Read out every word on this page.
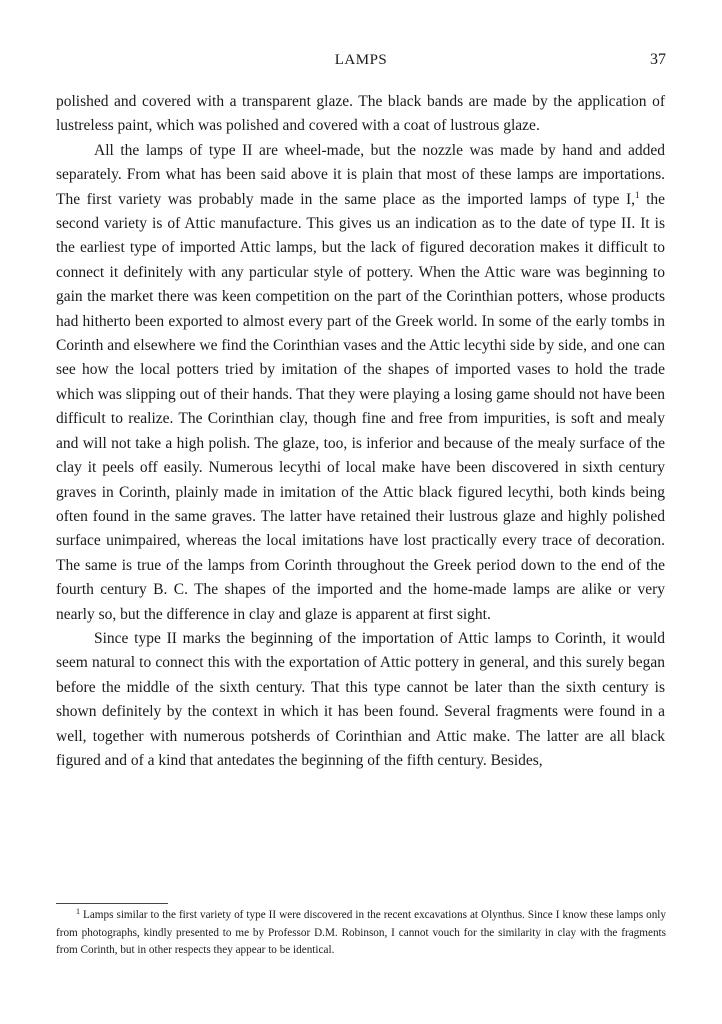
LAMPS	37

polished and covered with a transparent glaze. The black bands are made by the application of lustreless paint, which was polished and covered with a coat of lustrous glaze.

All the lamps of type II are wheel-made, but the nozzle was made by hand and added separately. From what has been said above it is plain that most of these lamps are importations. The first variety was probably made in the same place as the imported lamps of type I,$^1$ the second variety is of Attic manufacture. This gives us an indication as to the date of type II. It is the earliest type of imported Attic lamps, but the lack of figured decoration makes it difficult to connect it definitely with any particular style of pottery. When the Attic ware was beginning to gain the market there was keen competition on the part of the Corinthian potters, whose products had hitherto been exported to almost every part of the Greek world. In some of the early tombs in Corinth and elsewhere we find the Corinthian vases and the Attic lecythi side by side, and one can see how the local potters tried by imitation of the shapes of imported vases to hold the trade which was slipping out of their hands. That they were playing a losing game should not have been difficult to realize. The Corinthian clay, though fine and free from impurities, is soft and mealy and will not take a high polish. The glaze, too, is inferior and because of the mealy surface of the clay it peels off easily. Numerous lecythi of local make have been discovered in sixth century graves in Corinth, plainly made in imitation of the Attic black figured lecythi, both kinds being often found in the same graves. The latter have retained their lustrous glaze and highly polished surface unimpaired, whereas the local imitations have lost practically every trace of decoration. The same is true of the lamps from Corinth throughout the Greek period down to the end of the fourth century B. C. The shapes of the imported and the home-made lamps are alike or very nearly so, but the difference in clay and glaze is apparent at first sight.

Since type II marks the beginning of the importation of Attic lamps to Corinth, it would seem natural to connect this with the exportation of Attic pottery in general, and this surely began before the middle of the sixth century. That this type cannot be later than the sixth century is shown definitely by the context in which it has been found. Several fragments were found in a well, together with numerous potsherds of Corinthian and Attic make. The latter are all black figured and of a kind that antedates the beginning of the fifth century. Besides,

$^1$ Lamps similar to the first variety of type II were discovered in the recent excavations at Olynthus. Since I know these lamps only from photographs, kindly presented to me by Professor D.M. Robinson, I cannot vouch for the similarity in clay with the fragments from Corinth, but in other respects they appear to be identical.
